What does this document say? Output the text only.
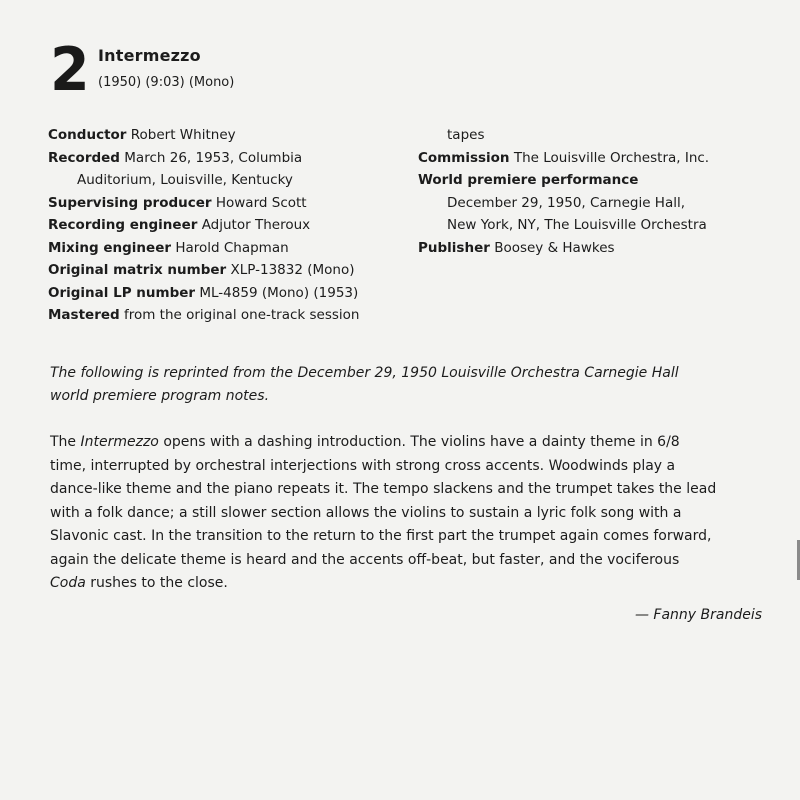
2 Intermezzo
(1950) (9:03) (Mono)
Conductor Robert Whitney
Recorded March 26, 1953, Columbia
Auditorium, Louisville, Kentucky
Supervising producer Howard Scott
Recording engineer Adjutor Theroux
Mixing engineer Harold Chapman
Original matrix number XLP-13832 (Mono)
Original LP number ML-4859 (Mono) (1953)
Mastered from the original one-track session
tapes
Commission The Louisville Orchestra, Inc.
World premiere performance
December 29, 1950, Carnegie Hall,
New York, NY, The Louisville Orchestra
Publisher Boosey & Hawkes
The following is reprinted from the December 29, 1950 Louisville Orchestra Carnegie Hall
world premiere program notes.

The Intermezzo opens with a dashing introduction. The violins have a dainty theme in 6/8
time, interrupted by orchestral interjections with strong cross accents. Woodwinds play a
dance-like theme and the piano repeats it. The tempo slackens and the trumpet takes the lead
with a folk dance; a still slower section allows the violins to sustain a lyric folk song with a
Slavonic cast. In the transition to the return to the first part the trumpet again comes forward,
again the delicate theme is heard and the accents off-beat, but faster, and the vociferous
Coda rushes to the close.

— Fanny Brandeis
